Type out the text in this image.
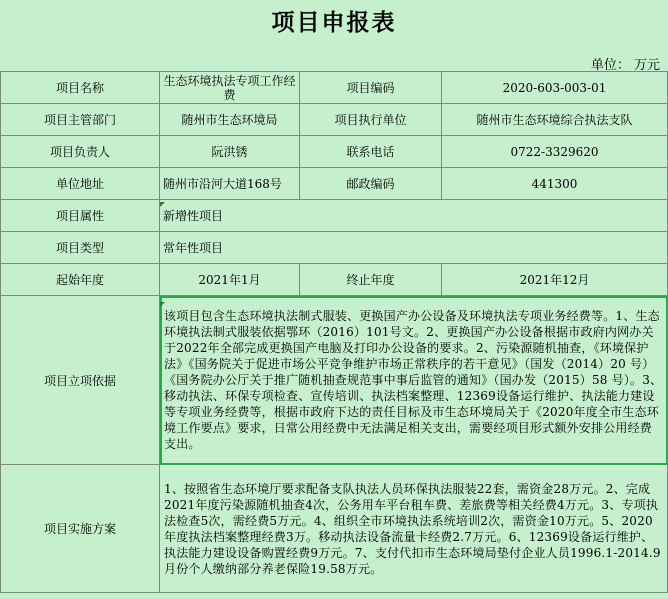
项目申报表
单位： 万元
项目名称	生态环境执法专项工作经费	项目编码	2020-603-003-01
项目主管部门	随州市生态环境局	项目执行单位	随州市生态环境综合执法支队
项目负责人	阮洪锈	联系电话	0722-3329620
单位地址	随州市沿河大道168号	邮政编码	441300
项目属性	新增性项目		
项目类型	常年性项目		
起始年度	2021年1月	终止年度	2021年12月
项目立项依据	该项目包含生态环境执法制式服装、更换国产办公设备及环境执法专项业务经费等。1、生态环境执法制式服装依据鄂环（2016）101号文。2、更换国产办公设备根据市政府内网办关于2022年全部完成更换国产电脑及打印办公设备的要求。2、污染源随机抽查，《环境保护法》《国务院关于促进市场公平竞争维护市场正常秩序的若干意见》（国发（2014）20 号）《国务院办公厅关于推广随机抽查规范事中事后监管的通知》（国办发（2015）58 号）。3、移动执法、环保专项检查、宣传培训、执法档案整理、12369设备运行维护、执法能力建设等专项业务经费等，根据市政府下达的责任目标及市生态环境局关于《2020年度全市生态环境工作要点》要求，日常公用经费中无法满足相关支出，需要经项目形式额外安排公用经费支出。		
项目实施方案	1、按照省生态环境厅要求配备支队执法人员环保执法服装22套，需资金28万元。2、完成2021年度污染源随机抽查4次，公务用车平台租车费、差旅费等相关经费4万元。3、专项执法检查5次，需经费5万元。4、组织全市环境执法系统培训2次，需资金10万元。5、2020年度执法档案整理经费3万。移动执法设备流量卡经费2.7万元。6、12369设备运行维护、执法能力建设设备购置经费9万元。7、支付代扣市生态环境局垫付企业人员1996.1-2014.9月份个人缴纳部分养老保险19.58万元。		
